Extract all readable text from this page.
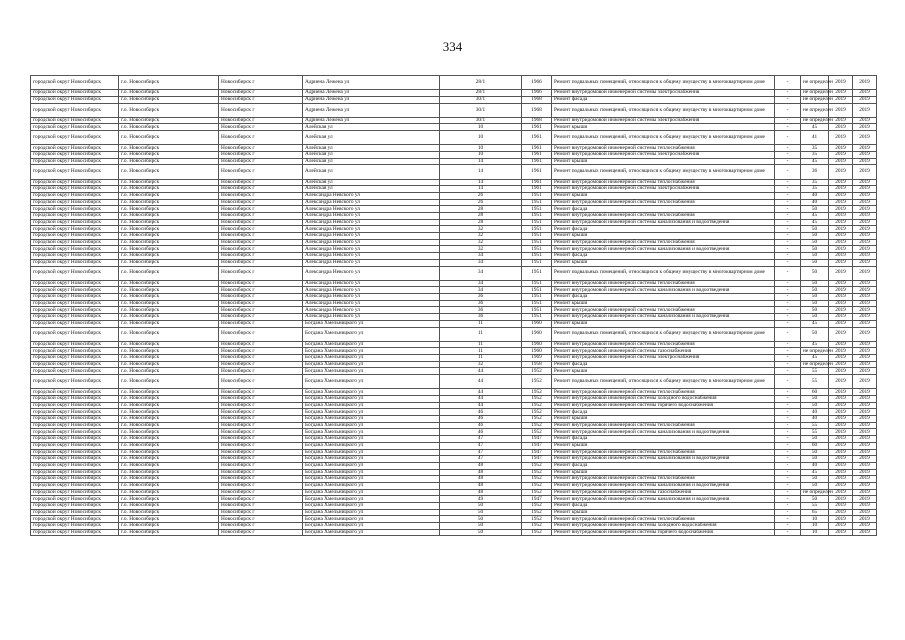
334
городской округ Новосибирск	г.о. Новосибирск	Новосибирск г	Адриена Лежена ул	28/1	1966	Ремонт подвальных помещений, относящихся к общему имуществу в многоквартирном доме	-	не определен	2019	2019
городской округ Новосибирск	г.о. Новосибирск	Новосибирск г	Адриена Лежена ул	28/1	1966	Ремонт внутридомовой инженерной системы электроснабжения	-	не определен	2019	2019
городской округ Новосибирск	г.о. Новосибирск	Новосибирск г	Адриена Лежена ул	30/1	1968	Ремонт фасада	-	не определен	2019	2019
городской округ Новосибирск	г.о. Новосибирск	Новосибирск г	Адриена Лежена ул	30/1	1968	Ремонт подвальных помещений, относящихся к общему имуществу в многоквартирном доме	-	не определен	2019	2019
городской округ Новосибирск	г.о. Новосибирск	Новосибирск г	Адриена Лежена ул	30/1	1968	Ремонт внутридомовой инженерной системы электроснабжения	-	не определен	2019	2019
городской округ Новосибирск	г.о. Новосибирск	Новосибирск г	Алейская ул	10	1961	Ремонт крыши	-	45	2019	2019
городской округ Новосибирск	г.о. Новосибирск	Новосибирск г	Алейская ул	10	1961	Ремонт подвальных помещений, относящихся к общему имуществу в многоквартирном доме	-	41	2019	2019
городской округ Новосибирск	г.о. Новосибирск	Новосибирск г	Алейская ул	10	1961	Ремонт внутридомовой инженерной системы теплоснабжения	-	35	2019	2019
городской округ Новосибирск	г.о. Новосибирск	Новосибирск г	Алейская ул	10	1961	Ремонт внутридомовой инженерной системы электроснабжения	-	35	2019	2019
городской округ Новосибирск	г.о. Новосибирск	Новосибирск г	Алейская ул	14	1961	Ремонт крыши	-	45	2019	2019
городской округ Новосибирск	г.о. Новосибирск	Новосибирск г	Алейская ул	14	1961	Ремонт подвальных помещений, относящихся к общему имуществу в многоквартирном доме	-	36	2019	2019
городской округ Новосибирск	г.о. Новосибирск	Новосибирск г	Алейская ул	14	1961	Ремонт внутридомовой инженерной системы теплоснабжения	-	35	2019	2019
городской округ Новосибирск	г.о. Новосибирск	Новосибирск г	Алейская ул	14	1961	Ремонт внутридомовой инженерной системы электроснабжения	-	35	2019	2019
городской округ Новосибирск	г.о. Новосибирск	Новосибирск г	Александра Невского ул	26	1951	Ремонт крыши	-	40	2019	2019
городской округ Новосибирск	г.о. Новосибирск	Новосибирск г	Александра Невского ул	26	1951	Ремонт внутридомовой инженерной системы теплоснабжения	-	40	2019	2019
городской округ Новосибирск	г.о. Новосибирск	Новосибирск г	Александра Невского ул	28	1951	Ремонт фасада	-	50	2019	2019
городской округ Новосибирск	г.о. Новосибирск	Новосибирск г	Александра Невского ул	28	1951	Ремонт внутридомовой инженерной системы теплоснабжения	-	45	2019	2019
городской округ Новосибирск	г.о. Новосибирск	Новосибирск г	Александра Невского ул	28	1951	Ремонт внутридомовой инженерной системы канализования и водоотведения	-	45	2019	2019
городской округ Новосибирск	г.о. Новосибирск	Новосибирск г	Александра Невского ул	32	1951	Ремонт фасада	-	50	2019	2019
городской округ Новосибирск	г.о. Новосибирск	Новосибирск г	Александра Невского ул	32	1951	Ремонт крыши	-	50	2019	2019
городской округ Новосибирск	г.о. Новосибирск	Новосибирск г	Александра Невского ул	32	1951	Ремонт внутридомовой инженерной системы теплоснабжения	-	50	2019	2019
городской округ Новосибирск	г.о. Новосибирск	Новосибирск г	Александра Невского ул	32	1951	Ремонт внутридомовой инженерной системы канализования и водоотведения	-	50	2019	2019
городской округ Новосибирск	г.о. Новосибирск	Новосибирск г	Александра Невского ул	34	1951	Ремонт фасада	-	50	2019	2019
городской округ Новосибирск	г.о. Новосибирск	Новосибирск г	Александра Невского ул	34	1951	Ремонт крыши	-	50	2019	2019
городской округ Новосибирск	г.о. Новосибирск	Новосибирск г	Александра Невского ул	34	1951	Ремонт подвальных помещений, относящихся к общему имуществу в многоквартирном доме	-	50	2019	2019
городской округ Новосибирск	г.о. Новосибирск	Новосибирск г	Александра Невского ул	34	1951	Ремонт внутридомовой инженерной системы теплоснабжения	-	50	2019	2019
городской округ Новосибирск	г.о. Новосибирск	Новосибирск г	Александра Невского ул	34	1951	Ремонт внутридомовой инженерной системы канализования и водоотведения	-	50	2019	2019
городской округ Новосибирск	г.о. Новосибирск	Новосибирск г	Александра Невского ул	36	1951	Ремонт фасада	-	50	2019	2019
городской округ Новосибирск	г.о. Новосибирск	Новосибирск г	Александра Невского ул	36	1951	Ремонт крыши	-	50	2019	2019
городской округ Новосибирск	г.о. Новосибирск	Новосибирск г	Александра Невского ул	36	1951	Ремонт внутридомовой инженерной системы теплоснабжения	-	50	2019	2019
городской округ Новосибирск	г.о. Новосибирск	Новосибирск г	Александра Невского ул	36	1951	Ремонт внутридомовой инженерной системы канализования и водоотведения	-	50	2019	2019
городской округ Новосибирск	г.о. Новосибирск	Новосибирск г	Богдана Хмельницкого ул	11	1960	Ремонт крыши	-	45	2019	2019
городской округ Новосибирск	г.о. Новосибирск	Новосибирск г	Богдана Хмельницкого ул	11	1960	Ремонт подвальных помещений, относящихся к общему имуществу в многоквартирном доме	-	50	2019	2019
городской округ Новосибирск	г.о. Новосибирск	Новосибирск г	Богдана Хмельницкого ул	11	1960	Ремонт внутридомовой инженерной системы теплоснабжения	-	45	2019	2019
городской округ Новосибирск	г.о. Новосибирск	Новосибирск г	Богдана Хмельницкого ул	11	1960	Ремонт внутридомовой инженерной системы газоснабжения	-	не определен	2019	2019
городской округ Новосибирск	г.о. Новосибирск	Новосибирск г	Богдана Хмельницкого ул	11	1969	Ремонт внутридомовой инженерной системы электроснабжения	-	45	2019	2019
городской округ Новосибирск	г.о. Новосибирск	Новосибирск г	Богдана Хмельницкого ул	32	1958	Ремонт фасада	-	не определен	2019	2019
городской округ Новосибирск	г.о. Новосибирск	Новосибирск г	Богдана Хмельницкого ул	44	1952	Ремонт крыши	-	55	2019	2019
городской округ Новосибирск	г.о. Новосибирск	Новосибирск г	Богдана Хмельницкого ул	44	1952	Ремонт подвальных помещений, относящихся к общему имуществу в многоквартирном доме	-	55	2019	2019
городской округ Новосибирск	г.о. Новосибирск	Новосибирск г	Богдана Хмельницкого ул	44	1952	Ремонт внутридомовой инженерной системы теплоснабжения	-	60	2019	2019
городской округ Новосибирск	г.о. Новосибирск	Новосибирск г	Богдана Хмельницкого ул	44	1952	Ремонт внутридомовой инженерной системы холодного водоснабжения	-	50	2019	2019
городской округ Новосибирск	г.о. Новосибирск	Новосибирск г	Богдана Хмельницкого ул	44	1952	Ремонт внутридомовой инженерной системы горячего водоснабжения	-	50	2019	2019
городской округ Новосибирск	г.о. Новосибирск	Новосибирск г	Богдана Хмельницкого ул	46	1952	Ремонт фасада	-	40	2019	2019
городской округ Новосибирск	г.о. Новосибирск	Новосибирск г	Богдана Хмельницкого ул	46	1952	Ремонт крыши	-	40	2019	2019
городской округ Новосибирск	г.о. Новосибирск	Новосибирск г	Богдана Хмельницкого ул	46	1952	Ремонт внутридомовой инженерной системы теплоснабжения	-	55	2019	2019
городской округ Новосибирск	г.о. Новосибирск	Новосибирск г	Богдана Хмельницкого ул	46	1952	Ремонт внутридомовой инженерной системы канализования и водоотведения	-	55	2019	2019
городской округ Новосибирск	г.о. Новосибирск	Новосибирск г	Богдана Хмельницкого ул	47	1947	Ремонт фасада	-	50	2019	2019
городской округ Новосибирск	г.о. Новосибирск	Новосибирск г	Богдана Хмельницкого ул	47	1947	Ремонт крыши	-	60	2019	2019
городской округ Новосибирск	г.о. Новосибирск	Новосибирск г	Богдана Хмельницкого ул	47	1947	Ремонт внутридомовой инженерной системы теплоснабжения	-	50	2019	2019
городской округ Новосибирск	г.о. Новосибирск	Новосибирск г	Богдана Хмельницкого ул	47	1947	Ремонт внутридомовой инженерной системы канализования и водоотведения	-	50	2019	2019
городской округ Новосибирск	г.о. Новосибирск	Новосибирск г	Богдана Хмельницкого ул	48	1952	Ремонт фасада	-	40	2019	2019
городской округ Новосибирск	г.о. Новосибирск	Новосибирск г	Богдана Хмельницкого ул	48	1952	Ремонт крыши	-	45	2019	2019
городской округ Новосибирск	г.о. Новосибирск	Новосибирск г	Богдана Хмельницкого ул	48	1952	Ремонт внутридомовой инженерной системы теплоснабжения	-	50	2019	2019
городской округ Новосибирск	г.о. Новосибирск	Новосибирск г	Богдана Хмельницкого ул	48	1952	Ремонт внутридомовой инженерной системы канализования и водоотведения	-	50	2019	2019
городской округ Новосибирск	г.о. Новосибирск	Новосибирск г	Богдана Хмельницкого ул	48	1952	Ремонт внутридомовой инженерной системы газоснабжения	-	не определен	2019	2019
городской округ Новосибирск	г.о. Новосибирск	Новосибирск г	Богдана Хмельницкого ул	49	1947	Ремонт внутридомовой инженерной системы канализования и водоотведения	-	50	2019	2019
городской округ Новосибирск	г.о. Новосибирск	Новосибирск г	Богдана Хмельницкого ул	50	1952	Ремонт фасада	-	55	2019	2019
городской округ Новосибирск	г.о. Новосибирск	Новосибирск г	Богдана Хмельницкого ул	50	1952	Ремонт крыши	-	65	2019	2019
городской округ Новосибирск	г.о. Новосибирск	Новосибирск г	Богдана Хмельницкого ул	50	1952	Ремонт внутридомовой инженерной системы теплоснабжения	-	10	2019	2019
городской округ Новосибирск	г.о. Новосибирск	Новосибирск г	Богдана Хмельницкого ул	50	1952	Ремонт внутридомовой инженерной системы холодного водоснабжения	-	10	2019	2019
городской округ Новосибирск	г.о. Новосибирск	Новосибирск г	Богдана Хмельницкого ул	50	1952	Ремонт внутридомовой инженерной системы горячего водоснабжения	-	10	2019	2019
